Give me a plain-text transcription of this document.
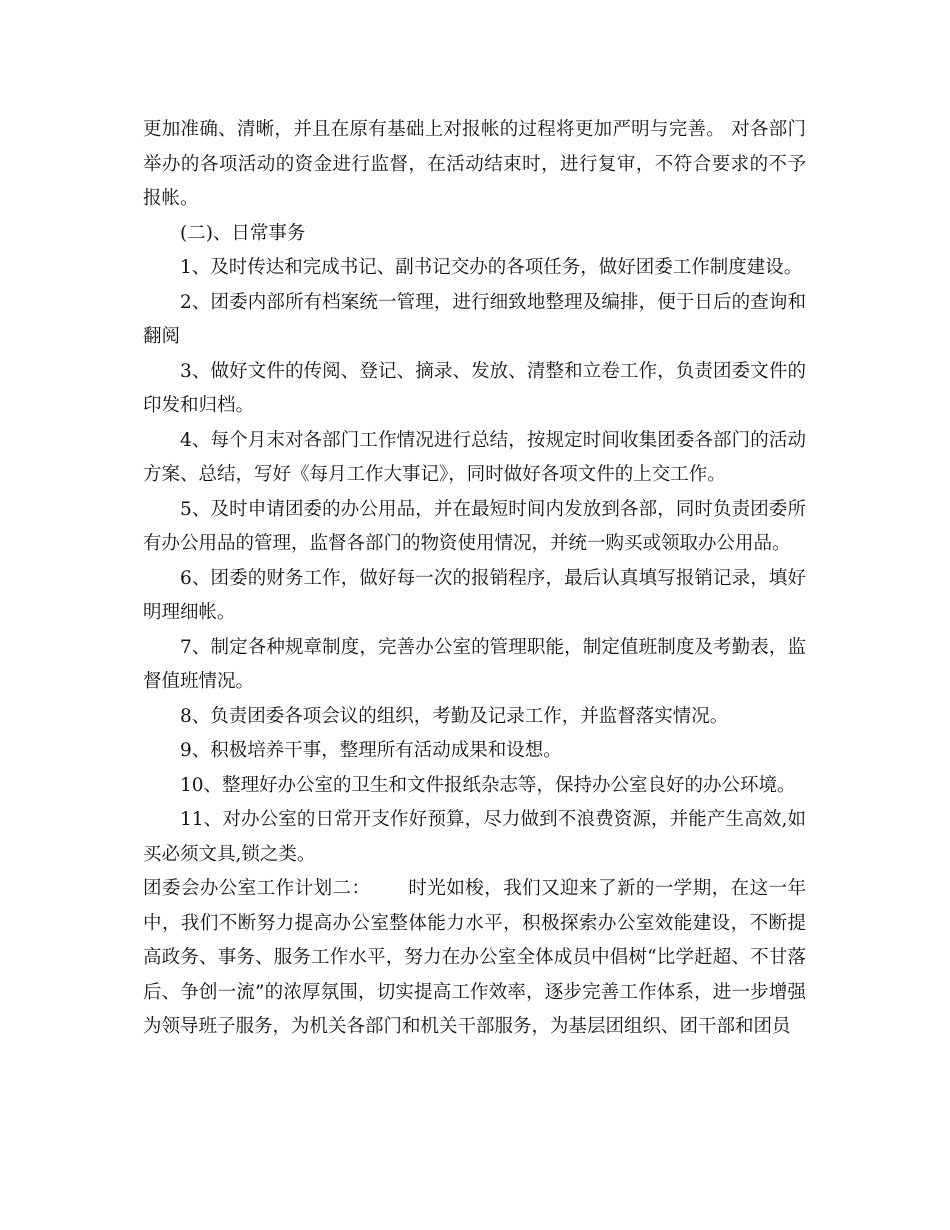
更加准确、清晰，并且在原有基础上对报帐的过程将更加严明与完善。 对各部门举办的各项活动的资金进行监督，在活动结束时，进行复审，不符合要求的不予报帐。

(二)、日常事务

1、及时传达和完成书记、副书记交办的各项任务，做好团委工作制度建设。

2、团委内部所有档案统一管理，进行细致地整理及编排，便于日后的查询和翻阅

3、做好文件的传阅、登记、摘录、发放、清整和立卷工作，负责团委文件的印发和归档。

4、每个月末对各部门工作情况进行总结，按规定时间收集团委各部门的活动方案、总结，写好《每月工作大事记》，同时做好各项文件的上交工作。

5、及时申请团委的办公用品，并在最短时间内发放到各部，同时负责团委所有办公用品的管理，监督各部门的物资使用情况，并统一购买或领取办公用品。

6、团委的财务工作，做好每一次的报销程序，最后认真填写报销记录，填好明理细帐。

7、制定各种规章制度，完善办公室的管理职能，制定值班制度及考勤表，监督值班情况。

8、负责团委各项会议的组织，考勤及记录工作，并监督落实情况。

9、积极培养干事，整理所有活动成果和设想。

10、整理好办公室的卫生和文件报纸杂志等，保持办公室良好的办公环境。

11、对办公室的日常开支作好预算，尽力做到不浪费资源，并能产生高效,如买必须文具,锁之类。

团委会办公室工作计划二：      时光如梭，我们又迎来了新的一学期，在这一年中，我们不断努力提高办公室整体能力水平，积极探索办公室效能建设，不断提高政务、事务、服务工作水平，努力在办公室全体成员中倡树“比学赶超、不甘落后、争创一流”的浓厚氛围，切实提高工作效率，逐步完善工作体系，进一步增强为领导班子服务，为机关各部门和机关干部服务，为基层团组织、团干部和团员
